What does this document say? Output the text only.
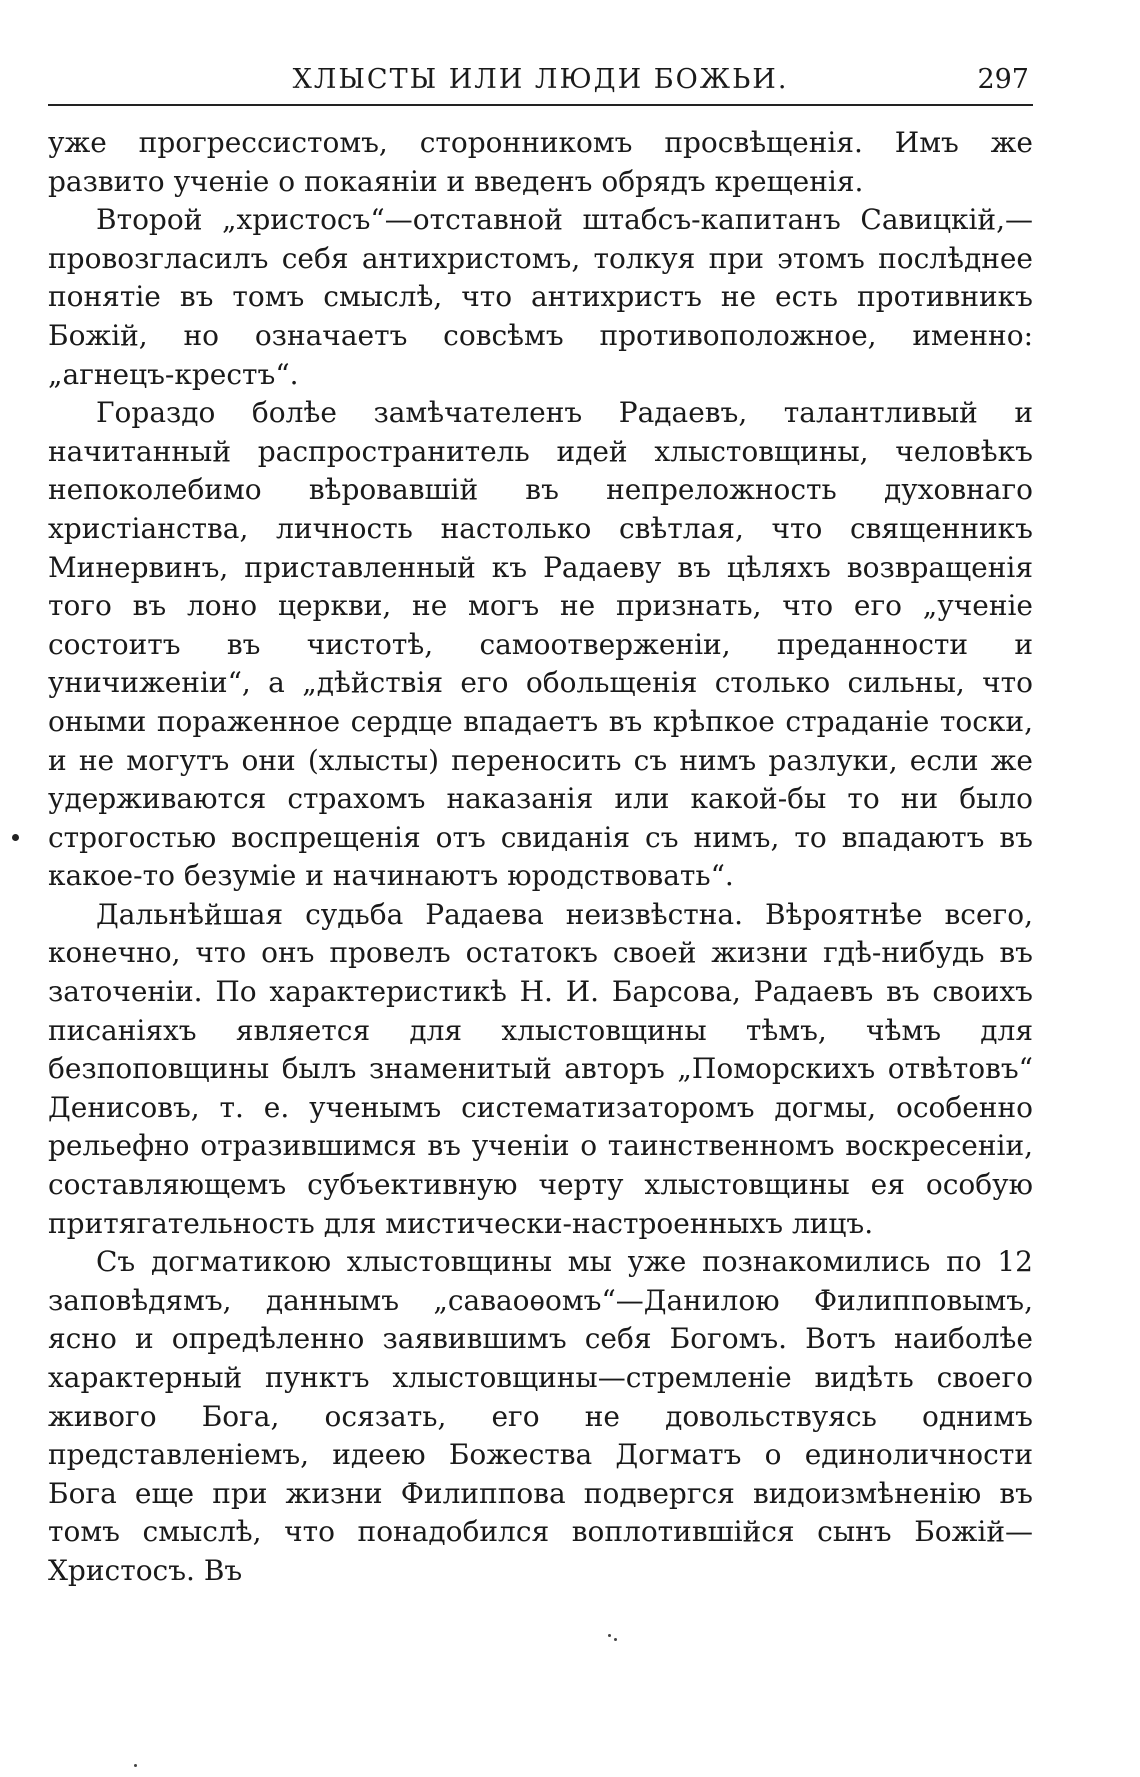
ХЛЫСТЫ ИЛИ ЛЮДИ БОЖЬИ.	297

уже прогрессистомъ, сторонникомъ просвѣщенія. Имъ же развито ученіе о покаяніи и введенъ обрядъ крещенія.

Второй „христосъ“—отставной штабсъ-капитанъ Савицкій,—провозгласилъ себя антихристомъ, толкуя при этомъ послѣднее понятіе въ томъ смыслѣ, что антихристъ не есть противникъ Божій, но означаетъ совсѣмъ противоположное, именно: „агнецъ-крестъ“.

Гораздо болѣе замѣчателенъ Радаевъ, талантливый и начитанный распространитель идей хлыстовщины, человѣкъ непоколебимо вѣровавшій въ непреложность духовнаго христіанства, личность настолько свѣтлая, что священникъ Минервинъ, приставленный къ Радаеву въ цѣляхъ возвращенія того въ лоно церкви, не могъ не признать, что его „ученіе состоитъ въ чистотѣ, самоотверженіи, преданности и уничиженіи“, а „дѣйствія его обольщенія столько сильны, что оными пораженное сердце впадаетъ въ крѣпкое страданіе тоски, и не могутъ они (хлысты) переносить съ нимъ разлуки, если же удерживаются страхомъ наказанія или какой-бы то ни было строгостью воспрещенія отъ свиданія съ нимъ, то впадаютъ въ какое-то безуміе и начинаютъ юродствовать“.

Дальнѣйшая судьба Радаева неизвѣстна. Вѣроятнѣе всего, конечно, что онъ провелъ остатокъ своей жизни гдѣ-нибудь въ заточеніи. По характеристикѣ Н. И. Барсова, Радаевъ въ своихъ писаніяхъ является для хлыстовщины тѣмъ, чѣмъ для безпоповщины былъ знаменитый авторъ „Поморскихъ отвѣтовъ“ Денисовъ, т. е. ученымъ систематизаторомъ догмы, особенно рельефно отразившимся въ ученіи о таинственномъ воскресеніи, составляющемъ субъективную черту хлыстовщины ея особую притягательность для мистически-настроенныхъ лицъ.

Съ догматикою хлыстовщины мы уже познакомились по 12 заповѣдямъ, даннымъ „саваоѳомъ“—Данилою Филипповымъ, ясно и опредѣленно заявившимъ себя Богомъ. Вотъ наиболѣе характерный пунктъ хлыстовщины—стремленіе видѣть своего живого Бога, осязать, его не довольствуясь однимъ представленіемъ, идеею Божества Догматъ о единоличности Бога еще при жизни Филиппова подвергся видоизмѣненію въ томъ смыслѣ, что понадобился воплотившійся сынъ Божій—Христосъ. Въ
